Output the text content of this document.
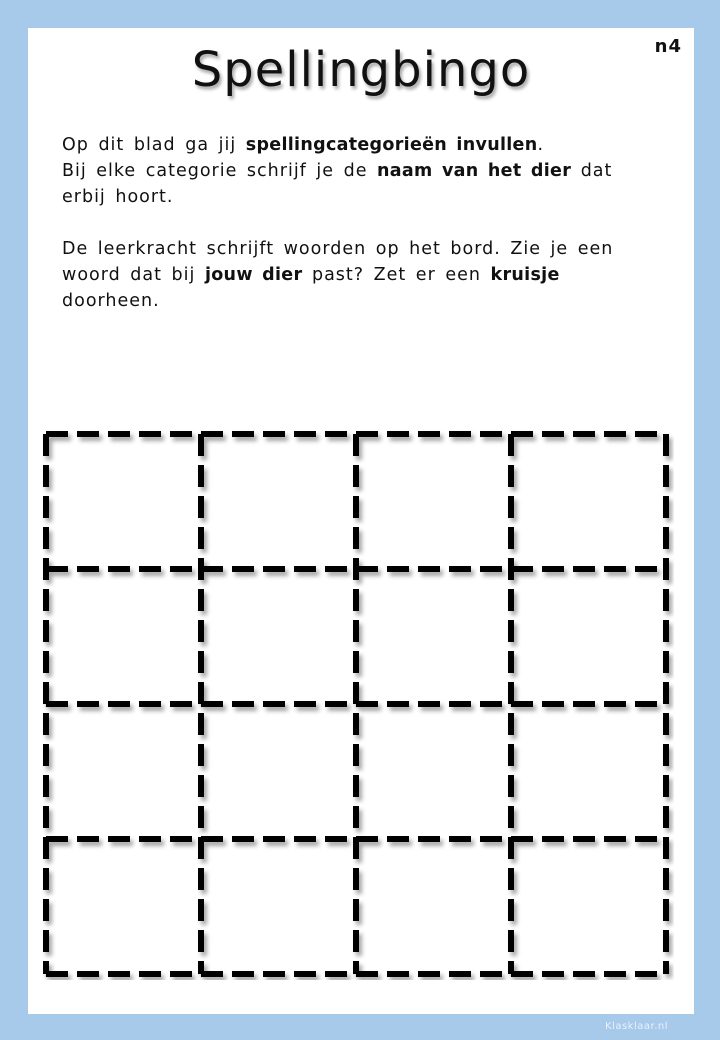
n4
Spellingbingo

Op dit blad ga jij spellingcategorieën invullen.
Bij elke categorie schrijf je de naam van het dier dat erbij hoort.

De leerkracht schrijft woorden op het bord. Zie je een woord dat bij jouw dier past? Zet er een kruisje doorheen.

Klasklaar.nl
